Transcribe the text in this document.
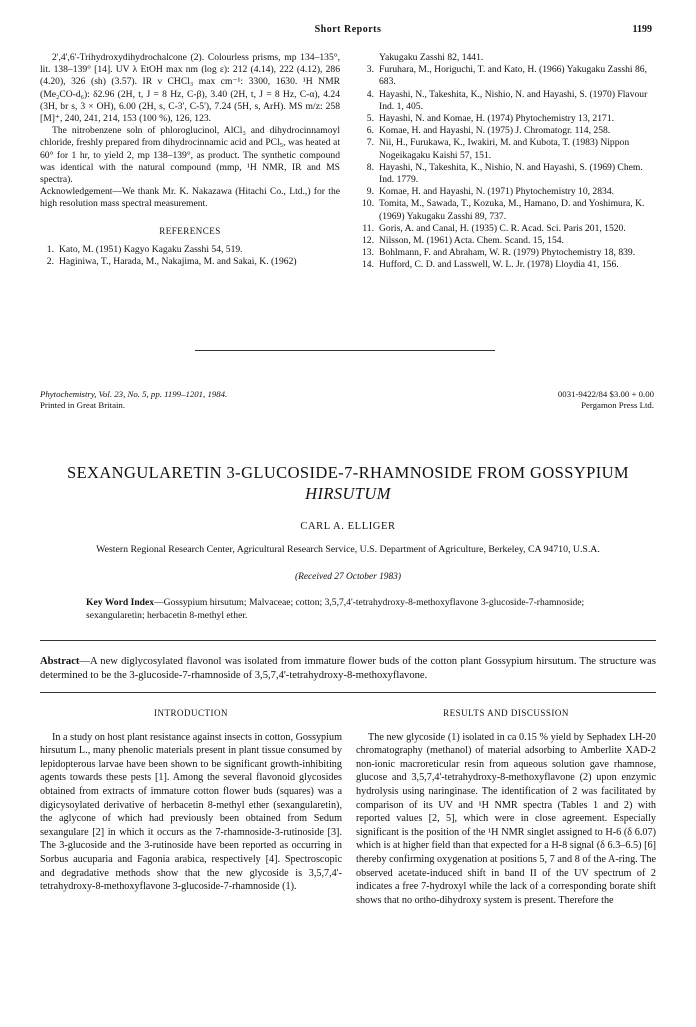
Short Reports	1199

2',4',6'-Trihydroxydihydrochalcone (2). Colourless prisms, mp 134–135°, lit. 138–139° [14]. UV λ EtOH max nm (log ε): 212 (4.14), 222 (4.12), 286 (4.20), 326 (sh) (3.57). IR ν CHCl₃ max cm⁻¹: 3300, 1630. ¹H NMR (Me₂CO-d₆): δ2.96 (2H, t, J = 8 Hz, C-β), 3.40 (2H, t, J = 8 Hz, C-α), 4.24 (3H, br s, 3 × OH), 6.00 (2H, s, C-3', C-5'), 7.24 (5H, s, ArH). MS m/z: 258 [M]⁺, 240, 241, 214, 153 (100 %), 126, 123.

The nitrobenzene soln of phloroglucinol, AlCl₃ and dihydrocinnamoyl chloride, freshly prepared from dihydrocinnamic acid and PCl₅, was heated at 60° for 1 hr, to yield 2, mp 138–139°, as product. The synthetic compound was identical with the natural compound (mmp, ¹H NMR, IR and MS spectra).

Acknowledgement—We thank Mr. K. Nakazawa (Hitachi Co., Ltd.,) for the high resolution mass spectral measurement.

REFERENCES
1. Kato, M. (1951) Kagyo Kagaku Zasshi 54, 519.
2. Haginiwa, T., Harada, M., Nakajima, M. and Sakai, K. (1962)
Yakugaku Zasshi 82, 1441.
3. Furuhara, M., Horiguchi, T. and Kato, H. (1966) Yakugaku Zasshi 86, 683.
4. Hayashi, N., Takeshita, K., Nishio, N. and Hayashi, S. (1970) Flavour Ind. 1, 405.
5. Hayashi, N. and Komae, H. (1974) Phytochemistry 13, 2171.
6. Komae, H. and Hayashi, N. (1975) J. Chromatogr. 114, 258.
7. Nii, H., Furukawa, K., Iwakiri, M. and Kubota, T. (1983) Nippon Nogeikagaku Kaishi 57, 151.
8. Hayashi, N., Takeshita, K., Nishio, N. and Hayashi, S. (1969) Chem. Ind. 1779.
9. Komae, H. and Hayashi, N. (1971) Phytochemistry 10, 2834.
10. Tomita, M., Sawada, T., Kozuka, M., Hamano, D. and Yoshimura, K. (1969) Yakugaku Zasshi 89, 737.
11. Goris, A. and Canal, H. (1935) C. R. Acad. Sci. Paris 201, 1520.
12. Nilsson, M. (1961) Acta. Chem. Scand. 15, 154.
13. Bohlmann, F. and Abraham, W. R. (1979) Phytochemistry 18, 839.
14. Hufford, C. D. and Lasswell, W. L. Jr. (1978) Lloydia 41, 156.
Phytochemistry, Vol. 23, No. 5, pp. 1199–1201, 1984.
Printed in Great Britain.
0031-9422/84 $3.00 + 0.00
Pergamon Press Ltd.
SEXANGULARETIN 3-GLUCOSIDE-7-RHAMNOSIDE FROM GOSSYPIUM
HIRSUTUM
CARL A. ELLIGER
Western Regional Research Center, Agricultural Research Service, U.S. Department of Agriculture, Berkeley, CA 94710, U.S.A.
(Received 27 October 1983)
Key Word Index—Gossypium hirsutum; Malvaceae; cotton; 3,5,7,4'-tetrahydroxy-8-methoxyflavone 3-glucoside-7-rhamnoside; sexangularetin; herbacetin 8-methyl ether.
Abstract—A new diglycosylated flavonol was isolated from immature flower buds of the cotton plant Gossypium hirsutum. The structure was determined to be the 3-glucoside-7-rhamnoside of 3,5,7,4'-tetrahydroxy-8-methoxyflavone.
INTRODUCTION

In a study on host plant resistance against insects in cotton, Gossypium hirsutum L., many phenolic materials present in plant tissue consumed by lepidopterous larvae have been shown to be significant growth-inhibiting agents towards these pests [1]. Among the several flavonoid glycosides obtained from extracts of immature cotton flower buds (squares) was a digicysoylated derivative of herbacetin 8-methyl ether (sexangularetin), the aglycone of which had previously been obtained from Sedum sexangulare [2] in which it occurs as the 7-rhamnoside-3-rutinoside [3]. The 3-glucoside and the 3-rutinoside have been reported as occurring in Sorbus aucuparia and Fagonia arabica, respectively [4]. Spectroscopic and degradative methods show that the new glycoside is 3,5,7,4'-tetrahydroxy-8-methoxyflavone 3-glucoside-7-rhamnoside (1).

RESULTS AND DISCUSSION

The new glycoside (1) isolated in ca 0.15 % yield by Sephadex LH-20 chromatography (methanol) of material adsorbing to Amberlite XAD-2 non-ionic macroreticular resin from aqueous solution gave rhamnose, glucose and 3,5,7,4'-tetrahydroxy-8-methoxyflavone (2) upon enzymic hydrolysis using naringinase. The identification of 2 was facilitated by comparison of its UV and ¹H NMR spectra (Tables 1 and 2) with reported values [2, 5], which were in close agreement. Especially significant is the position of the ¹H NMR singlet assigned to H-6 (δ 6.07) which is at higher field than that expected for a H-8 signal (δ 6.3–6.5) [6] thereby confirming oxygenation at positions 5, 7 and 8 of the A-ring. The observed acetate-induced shift in band II of the UV spectrum of 2 indicates a free 7-hydroxyl while the lack of a corresponding borate shift shows that no ortho-dihydroxy system is present. Therefore the
